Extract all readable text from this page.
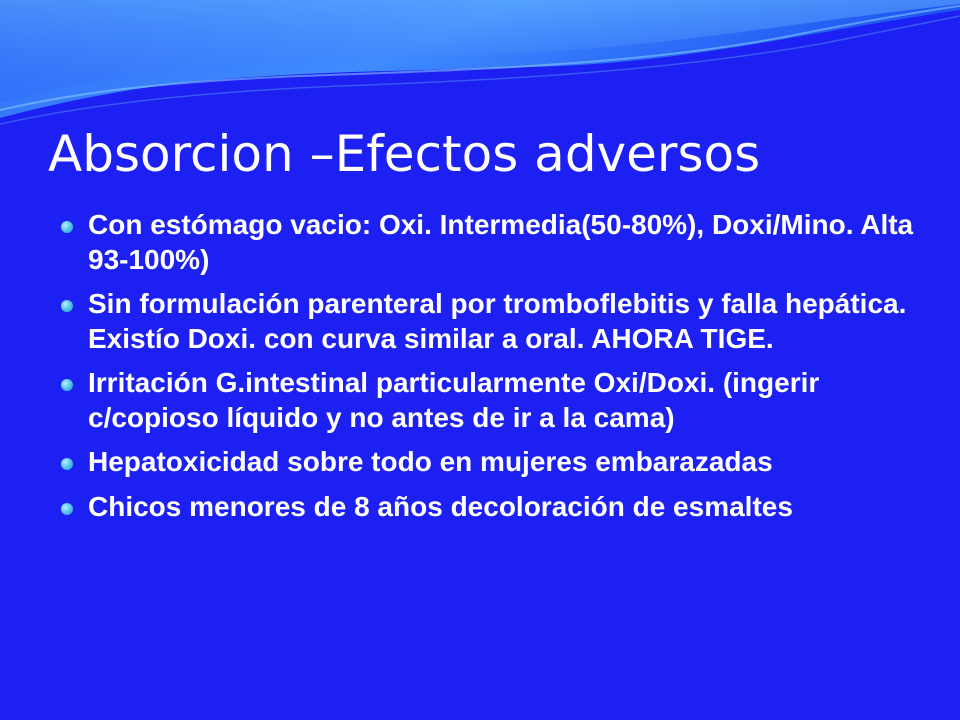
Absorcion –Efectos adversos
Con estómago vacio: Oxi. Intermedia(50-80%), Doxi/Mino. Alta 93-100%)
Sin formulación parenteral por tromboflebitis y falla hepática. Existío Doxi. con curva similar a oral. AHORA TIGE.
Irritación G.intestinal particularmente Oxi/Doxi. (ingerir c/copioso líquido y no antes de ir a la cama)
Hepatoxicidad sobre todo en mujeres embarazadas
Chicos menores de 8 años decoloración de esmaltes
